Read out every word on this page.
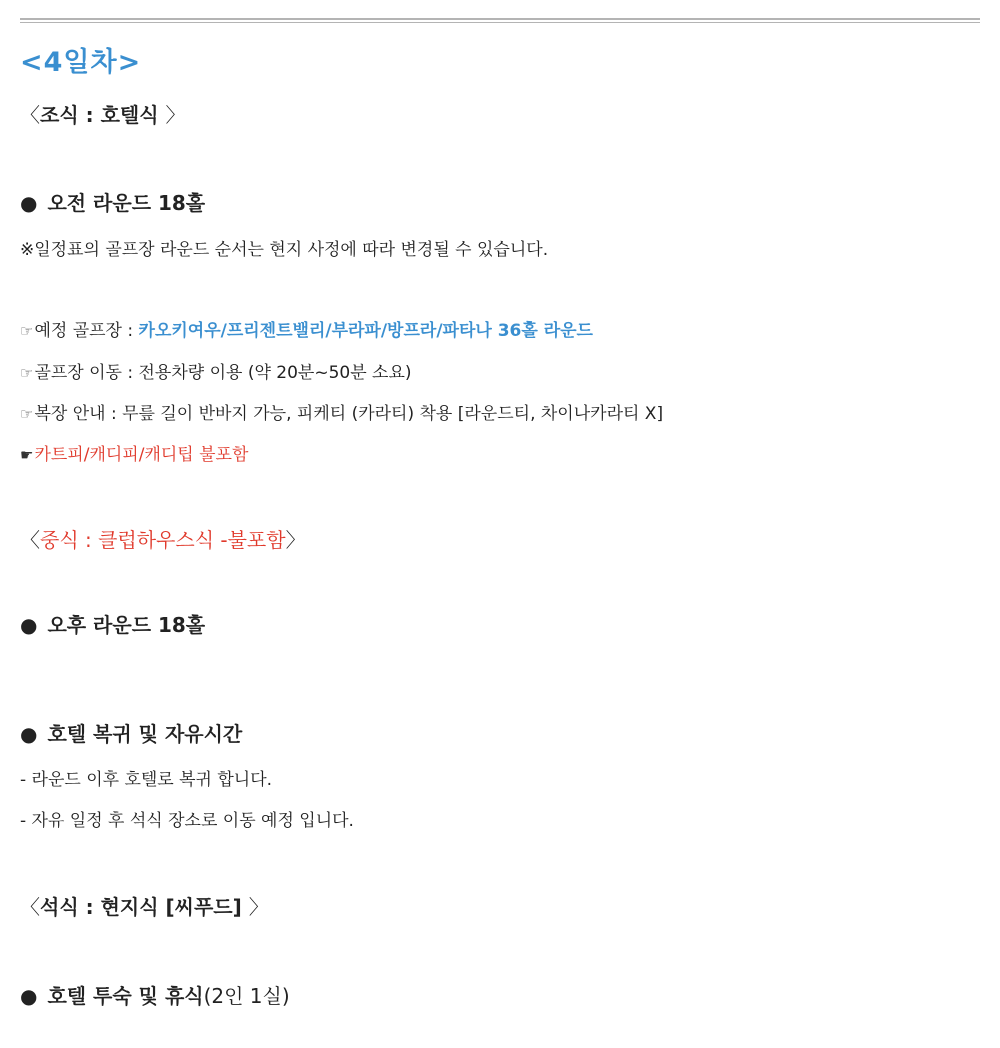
<4일차>
〈조식 : 호텔식 〉
● 오전 라운드 18홀
※일정표의 골프장 라운드 순서는 현지 사정에 따라 변경될 수 있습니다.
☞예정 골프장 : 카오키여우/프리젠트밸리/부라파/방프라/파타나 36홀 라운드
☞골프장 이동 : 전용차량 이용 (약 20분~50분 소요)
☞복장 안내 : 무릎 길이 반바지 가능, 피케티 (카라티) 착용 [라운드티, 차이나카라티 X]
☛카트피/캐디피/캐디팁 불포함
〈중식 : 클럽하우스식 -불포함〉
● 오후 라운드 18홀
● 호텔 복귀 및 자유시간
- 라운드 이후 호텔로 복귀 합니다.
- 자유 일정 후 석식 장소로 이동 예정 입니다.
〈석식 : 현지식 [씨푸드] 〉
● 호텔 투숙 및 휴식(2인 1실)
